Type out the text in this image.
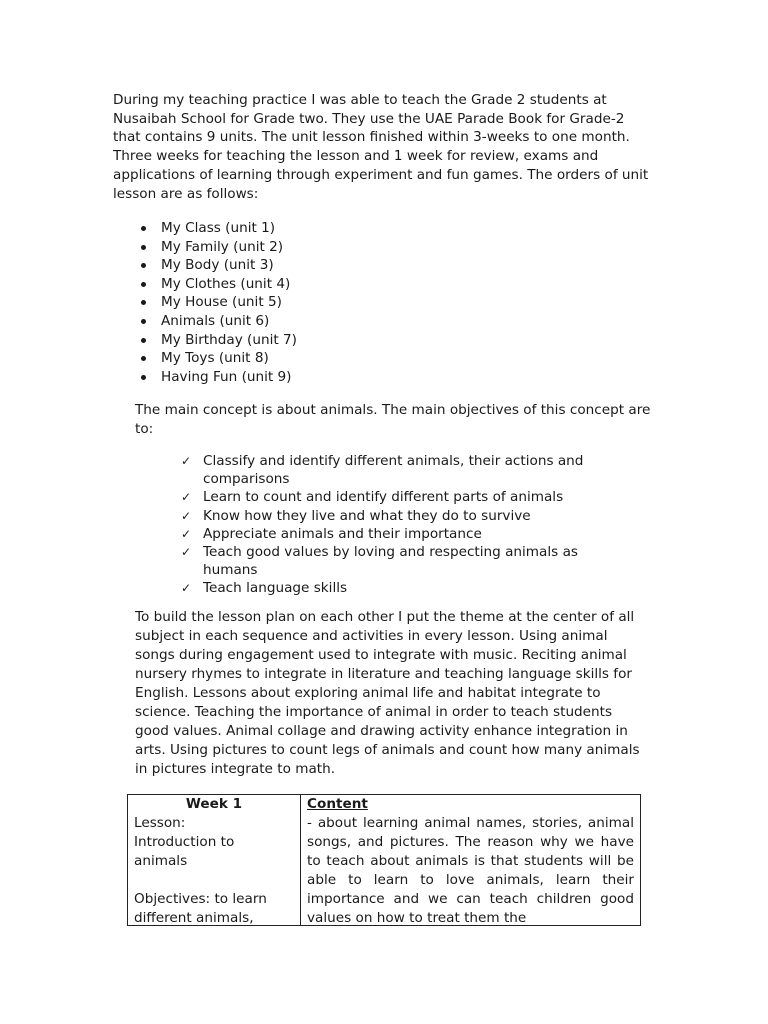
During my teaching practice I was able to teach the Grade 2 students at Nusaibah School for Grade two. They use the UAE Parade Book for Grade-2 that contains 9 units. The unit lesson finished within 3-weeks to one month. Three weeks for teaching the lesson and 1 week for review, exams and applications of learning through experiment and fun games. The orders of unit lesson are as follows:

My Class (unit 1)
My Family (unit 2)
My Body (unit 3)
My Clothes (unit 4)
My House (unit 5)
Animals (unit 6)
My Birthday (unit 7)
My Toys (unit 8)
Having Fun (unit 9)

The main concept is about animals. The main objectives of this concept are to:

✓ Classify and identify different animals, their actions and comparisons
✓ Learn to count and identify different parts of animals
✓ Know how they live and what they do to survive
✓ Appreciate animals and their importance
✓ Teach good values by loving and respecting animals as humans
✓ Teach language skills

To build the lesson plan on each other I put the theme at the center of all subject in each sequence and activities in every lesson. Using animal songs during engagement used to integrate with music. Reciting animal nursery rhymes to integrate in literature and teaching language skills for English. Lessons about exploring animal life and habitat integrate to science. Teaching the importance of animal in order to teach students good values. Animal collage and drawing activity enhance integration in arts. Using pictures to count legs of animals and count how many animals in pictures integrate to math.

Week 1
Lesson:
Introduction to
animals
Objectives: to learn
different animals,
Content
- about learning animal names, stories, animal songs, and pictures. The reason why we have to teach about animals is that students will be able to learn to love animals, learn their importance and we can teach children good values on how to treat them the
